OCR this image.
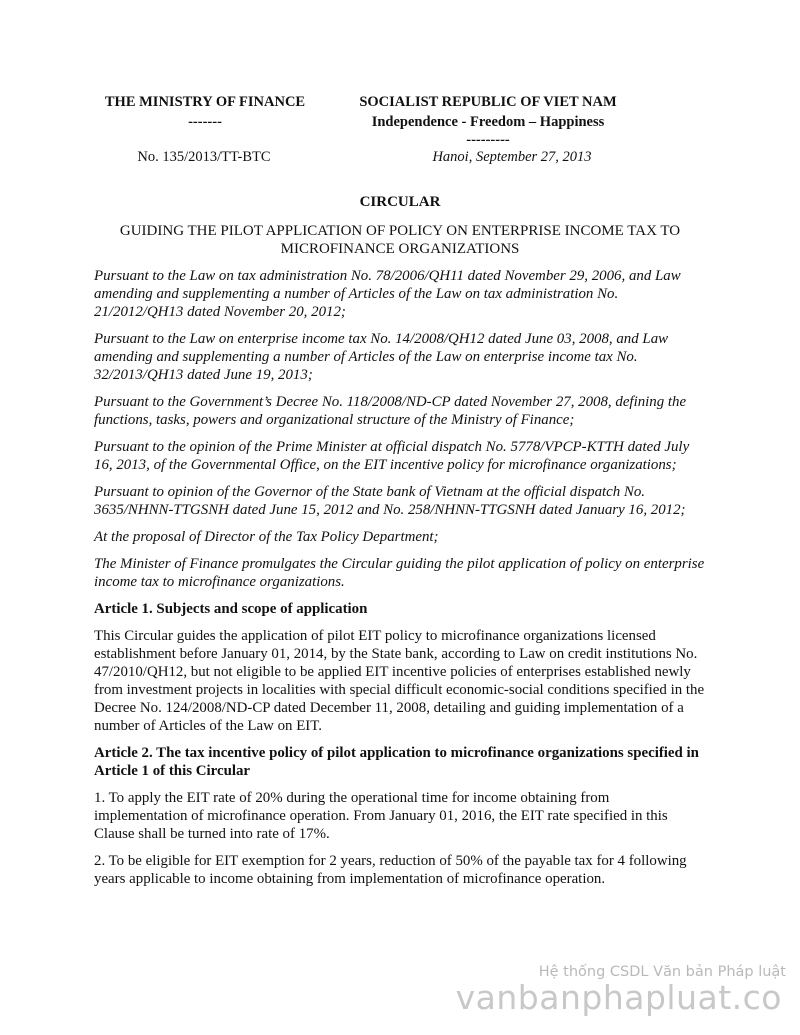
THE MINISTRY OF FINANCE
-------
SOCIALIST REPUBLIC OF VIET NAM
Independence - Freedom – Happiness
---------
No. 135/2013/TT-BTC	Hanoi, September 27, 2013
CIRCULAR
GUIDING THE PILOT APPLICATION OF POLICY ON ENTERPRISE INCOME TAX TO MICROFINANCE ORGANIZATIONS

Pursuant to the Law on tax administration No. 78/2006/QH11 dated November 29, 2006, and Law amending and supplementing a number of Articles of the Law on tax administration No. 21/2012/QH13 dated November 20, 2012;

Pursuant to the Law on enterprise income tax No. 14/2008/QH12 dated June 03, 2008, and Law amending and supplementing a number of Articles of the Law on enterprise income tax No. 32/2013/QH13 dated June 19, 2013;

Pursuant to the Government’s Decree No. 118/2008/ND-CP dated November 27, 2008, defining the functions, tasks, powers and organizational structure of the Ministry of Finance;

Pursuant to the opinion of the Prime Minister at official dispatch No. 5778/VPCP-KTTH dated July 16, 2013, of the Governmental Office, on the EIT incentive policy for microfinance organizations;

Pursuant to opinion of the Governor of the State bank of Vietnam at the official dispatch No. 3635/NHNN-TTGSNH dated June 15, 2012 and No. 258/NHNN-TTGSNH dated January 16, 2012;

At the proposal of Director of the Tax Policy Department;

The Minister of Finance promulgates the Circular guiding the pilot application of policy on enterprise income tax to microfinance organizations.

Article 1. Subjects and scope of application

This Circular guides the application of pilot EIT policy to microfinance organizations licensed establishment before January 01, 2014, by the State bank, according to Law on credit institutions No. 47/2010/QH12, but not eligible to be applied EIT incentive policies of enterprises established newly from investment projects in localities with special difficult economic-social conditions specified in the Decree No. 124/2008/ND-CP dated December 11, 2008, detailing and guiding implementation of a number of Articles of the Law on EIT.

Article 2. The tax incentive policy of pilot application to microfinance organizations specified in Article 1 of this Circular

1. To apply the EIT rate of 20% during the operational time for income obtaining from implementation of microfinance operation. From January 01, 2016, the EIT rate specified in this Clause shall be turned into rate of 17%.

2. To be eligible for EIT exemption for 2 years, reduction of 50% of the payable tax for 4 following years applicable to income obtaining from implementation of microfinance operation.

Hệ thống CSDL Văn bản Pháp luật
vanbanphapluat.co
